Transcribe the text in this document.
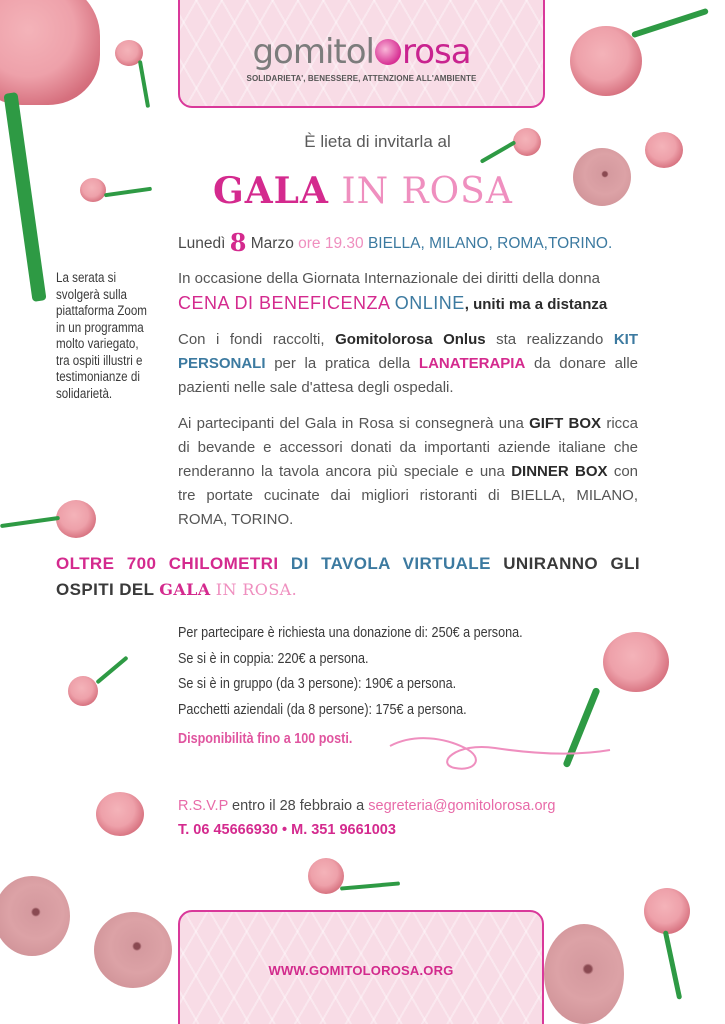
gomitol rosa
SOLIDARIETA', BENESSERE, ATTENZIONE ALL'AMBIENTE
È lieta di invitarla al
GALA IN ROSA
Lunedì 8 Marzo ore 19.30 BIELLA, MILANO, ROMA,TORINO.
La serata si svolgerà sulla piattaforma Zoom in un programma molto variegato, tra ospiti illustri e testimonianze di solidarietà.
In occasione della Giornata Internazionale dei diritti della donna
CENA DI BENEFICENZA ONLINE, uniti ma a distanza
Con i fondi raccolti, Gomitolorosa Onlus sta realizzando KIT PERSONALI per la pratica della LANATERAPIA da donare alle pazienti nelle sale d'attesa degli ospedali.
Ai partecipanti del Gala in Rosa si consegnerà una GIFT BOX ricca di bevande e accessori donati da importanti aziende italiane che renderanno la tavola ancora più speciale e una DINNER BOX con tre portate cucinate dai migliori ristoranti di BIELLA, MILANO, ROMA, TORINO.
OLTRE 700 CHILOMETRI DI TAVOLA VIRTUALE UNIRANNO GLI OSPITI DEL GALA IN ROSA.
Per partecipare è richiesta una donazione di: 250€ a persona.
Se si è in coppia: 220€ a persona.
Se si è in gruppo (da 3 persone): 190€ a persona.
Pacchetti aziendali (da 8 persone): 175€ a persona.
Disponibilità fino a 100 posti.
R.S.V.P entro il 28 febbraio a segreteria@gomitolorosa.org
T. 06 45666930 • M. 351 9661003
WWW.GOMITOLOROSA.ORG
